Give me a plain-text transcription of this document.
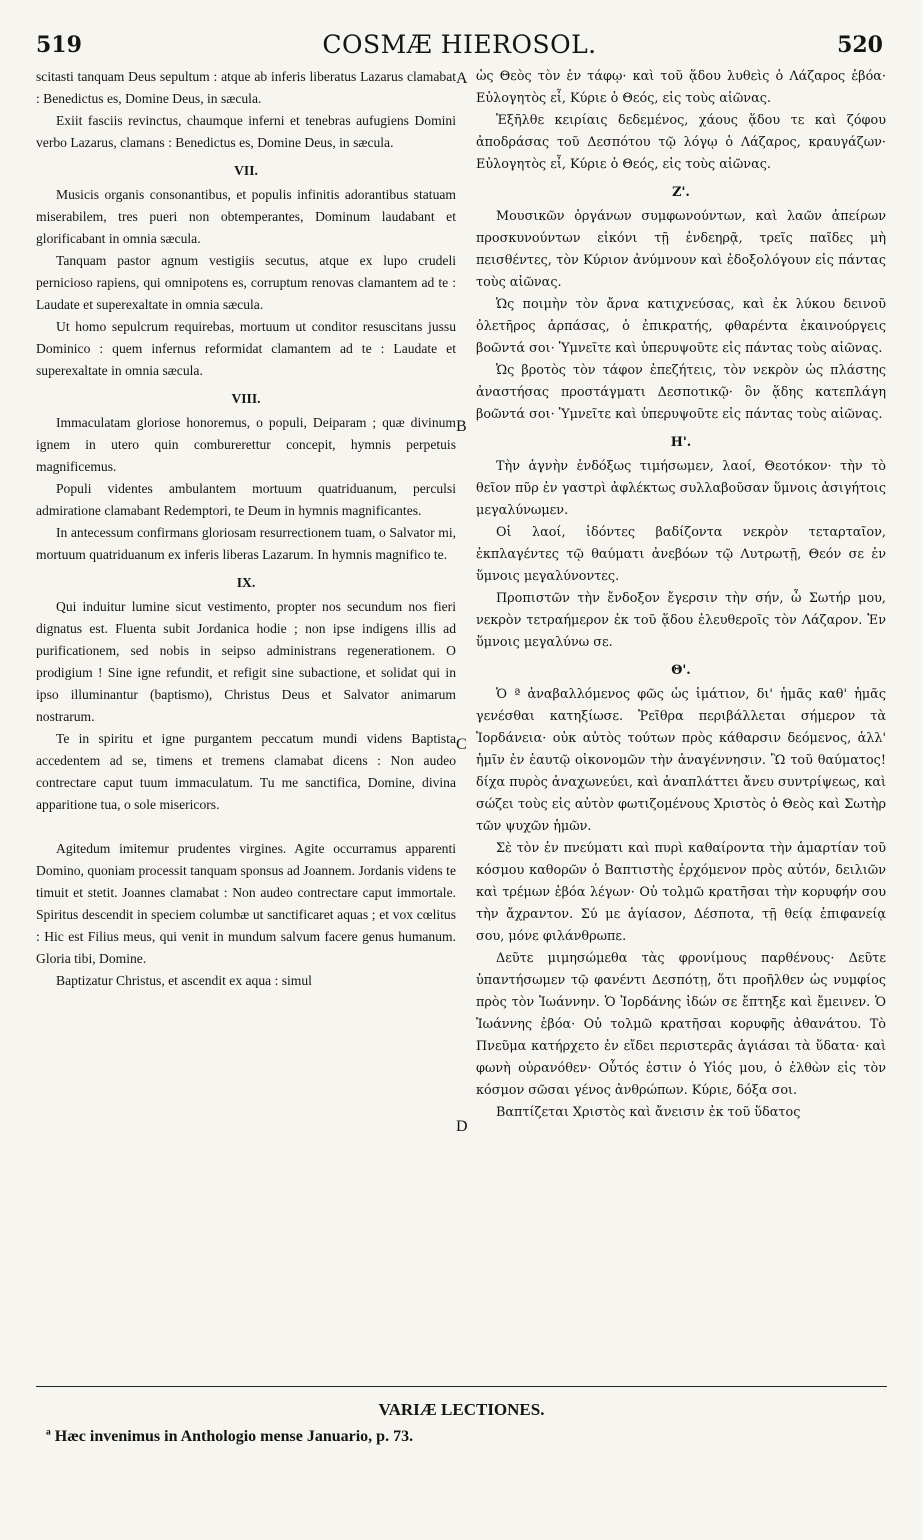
519	COSMÆ HIEROSOL.	520

scitasti tanquam Deus sepultum : atque ab inferis liberatus Lazarus clamabat : Benedictus es, Domine Deus, in sæcula.

Exiit fasciis revinctus, chaumque inferni et tenebras aufugiens Domini verbo Lazarus, clamans : Benedictus es, Domine Deus, in sæcula.

VII.

Musicis organis consonantibus, et populis infinitis adorantibus statuam miserabilem, tres pueri non obtemperantes, Dominum laudabant et glorificabant in omnia sæcula.

Tanquam pastor agnum vestigiis secutus, atque ex lupo crudeli pernicioso rapiens, qui omnipotens es, corruptum renovas clamantem ad te : Laudate et superexaltate in omnia sæcula.

Ut homo sepulcrum requirebas, mortuum ut conditor resuscitans jussu Dominico : quem infernus reformidat clamantem ad te : Laudate et superexaltate in omnia sæcula.

VIII.

Immaculatam gloriose honoremus, o populi, Deiparam ; quæ divinum ignem in utero quin comburerettur concepit, hymnis perpetuis magnificemus.

Populi videntes ambulantem mortuum quatriduanum, perculsi admiratione clamabant Redemptori, te Deum in hymnis magnificantes.

In antecessum confirmans gloriosam resurrectionem tuam, o Salvator mi, mortuum quatriduanum ex inferis liberas Lazarum. In hymnis magnifico te.

IX.

Qui induitur lumine sicut vestimento, propter nos secundum nos fieri dignatus est. Fluenta subit Jordanica hodie ; non ipse indigens illis ad purificationem, sed nobis in seipso administrans regenerationem. O prodigium ! Sine igne refundit, et refigit sine subactione, et solidat qui in ipso illuminantur (baptismo), Christus Deus et Salvator animarum nostrarum.

Te in spiritu et igne purgantem peccatum mundi videns Baptista accedentem ad se, timens et tremens clamabat dicens : Non audeo contrectare caput tuum immaculatum. Tu me sanctifica, Domine, divina apparitione tua, o sole misericors.

Agitedum imitemur prudentes virgines. Agite occurramus apparenti Domino, quoniam processit tanquam sponsus ad Joannem. Jordanis videns te timuit et stetit. Joannes clamabat : Non audeo contrectare caput immortale. Spiritus descendit in speciem columbæ ut sanctificaret aquas ; et vox cœlitus : Hic est Filius meus, qui venit in mundum salvum facere genus humanum. Gloria tibi, Domine.

Baptizatur Christus, et ascendit ex aqua : simul

ὡς Θεὸς τὸν ἐν τάφῳ· καὶ τοῦ ᾅδου λυθεὶς ὁ Λάζαρος ἐβόα· Εὐλογητὸς εἶ, Κύριε ὁ Θεός, εἰς τοὺς αἰῶνας.

Ἐξῆλθε κειρίαις δεδεμένος, χάους ᾅδου τε καὶ ζόφου ἀποδράσας τοῦ Δεσπότου τῷ λόγῳ ὁ Λάζαρος, κραυγάζων· Εὐλογητὸς εἶ, Κύριε ὁ Θεός, εἰς τοὺς αἰῶνας.

Ζ'.

Μουσικῶν ὀργάνων συμφωνούντων, καὶ λαῶν ἀπείρων προσκυνούντων εἰκόνι τῇ ἐνδεηρᾷ, τρεῖς παῖδες μὴ πεισθέντες, τὸν Κύριον ἀνύμνουν καὶ ἐδοξολόγουν εἰς πάντας τοὺς αἰῶνας.

Ὡς ποιμὴν τὸν ἄρνα κατιχνεύσας, καὶ ἐκ λύκου δεινοῦ ὀλετῆρος ἁρπάσας, ὁ ἐπικρατής, φθαρέντα ἐκαινούργεις βοῶντά σοι· Ὑμνεῖτε καὶ ὑπερυψοῦτε εἰς πάντας τοὺς αἰῶνας.

Ὡς βροτὸς τὸν τάφον ἐπεζήτεις, τὸν νεκρὸν ὡς πλάστης ἀναστήσας προστάγματι Δεσποτικῷ· ὃν ᾅδης κατεπλάγη βοῶντά σοι· Ὑμνεῖτε καὶ ὑπερυψοῦτε εἰς πάντας τοὺς αἰῶνας.

Η'.

Τὴν ἁγνὴν ἐνδόξως τιμήσωμεν, λαοί, Θεοτόκον· τὴν τὸ θεῖον πῦρ ἐν γαστρὶ ἀφλέκτως συλλαβοῦσαν ὕμνοις ἀσιγήτοις μεγαλύνωμεν.

Οἱ λαοί, ἰδόντες βαδίζοντα νεκρὸν τεταρταῖον, ἐκπλαγέντες τῷ θαύματι ἀνεβόων τῷ Λυτρωτῇ, Θεόν σε ἐν ὕμνοις μεγαλύνοντες.

Προπιστῶν τὴν ἔνδοξον ἔγερσιν τὴν σήν, ὦ Σωτήρ μου, νεκρὸν τετραήμερον ἐκ τοῦ ᾅδου ἐλευθεροῖς τὸν Λάζαρον. Ἐν ὕμνοις μεγαλύνω σε.

Θ'.

Ὁ ª ἀναβαλλόμενος φῶς ὡς ἱμάτιον, δι' ἡμᾶς καθ' ἡμᾶς γενέσθαι κατηξίωσε. Ῥεῖθρα περιβάλλεται σήμερον τὰ Ἰορδάνεια· οὐκ αὐτὸς τούτων πρὸς κάθαρσιν δεόμενος, ἀλλ' ἡμῖν ἐν ἑαυτῷ οἰκονομῶν τὴν ἀναγέννησιν. Ὢ τοῦ θαύματος! δίχα πυρὸς ἀναχωνεύει, καὶ ἀναπλάττει ἄνευ συντρίψεως, καὶ σώζει τοὺς εἰς αὐτὸν φωτιζομένους Χριστὸς ὁ Θεὸς καὶ Σωτὴρ τῶν ψυχῶν ἡμῶν.

Σὲ τὸν ἐν πνεύματι καὶ πυρὶ καθαίροντα τὴν ἁμαρτίαν τοῦ κόσμου καθορῶν ὁ Βαπτιστὴς ἐρχόμενον πρὸς αὐτόν, δειλιῶν καὶ τρέμων ἐβόα λέγων· Οὐ τολμῶ κρατῆσαι τὴν κορυφήν σου τὴν ἄχραντον. Σύ με ἁγίασον, Δέσποτα, τῇ θείᾳ ἐπιφανείᾳ σου, μόνε φιλάνθρωπε.

Δεῦτε μιμησώμεθα τὰς φρονίμους παρθένους· Δεῦτε ὑπαντήσωμεν τῷ φανέντι Δεσπότῃ, ὅτι προῆλθεν ὡς νυμφίος πρὸς τὸν Ἰωάννην. Ὁ Ἰορδάνης ἰδών σε ἔπτηξε καὶ ἔμεινεν. Ὁ Ἰωάννης ἐβόα· Οὐ τολμῶ κρατῆσαι κορυφῆς ἀθανάτου. Τὸ Πνεῦμα κατήρχετο ἐν εἴδει περιστερᾶς ἁγιάσαι τὰ ὕδατα· καὶ φωνὴ οὐρανόθεν· Οὗτός ἐστιν ὁ Υἱός μου, ὁ ἐλθὼν εἰς τὸν κόσμον σῶσαι γένος ἀνθρώπων. Κύριε, δόξα σοι.

Βαπτίζεται Χριστὸς καὶ ἄνεισιν ἐκ τοῦ ὕδατος

A
B
C
D
VARIÆ LECTIONES.
ª Hæc invenimus in Anthologio mense Januario, p. 73.
